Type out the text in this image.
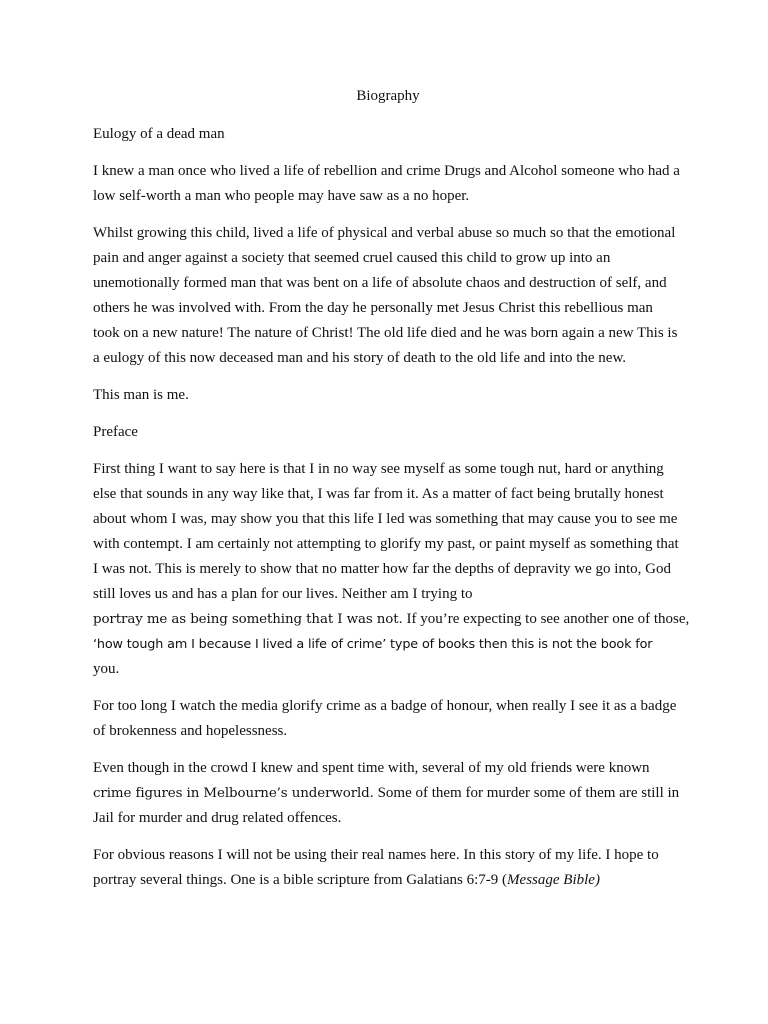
Biography
Eulogy of a dead man
I knew a man once who lived a life of rebellion and crime Drugs and Alcohol someone who had a low self-worth a man who people may have saw as a no hoper.
Whilst growing this child, lived a life of physical and verbal abuse so much so that the emotional pain and anger against a society that seemed cruel caused this child to grow up into an unemotionally formed man that was bent on a life of absolute chaos and destruction of self, and others he was involved with. From the day he personally met Jesus Christ this rebellious man took on a new nature! The nature of Christ! The old life died and he was born again a new This is a eulogy of this now deceased man and his story of death to the old life and into the new.
This man is me.
Preface
First thing I want to say here is that I in no way see myself as some tough nut, hard or anything else that sounds in any way like that, I was far from it. As a matter of fact being brutally honest about whom I was, may show you that this life I led was something that may cause you to see me with contempt. I am certainly not attempting to glorify my past, or paint myself as something that I was not. This is merely to show that no matter how far the depths of depravity we go into, God still loves us and has a plan for our lives. Neither am I trying to
portray me as being something that I was not. If you’re expecting to see another one of those,
‘how tough am I because I lived a life of crime’ type of books then this is not the book for
you.
For too long I watch the media glorify crime as a badge of honour, when really I see it as a badge of brokenness and hopelessness.
Even though in the crowd I knew and spent time with, several of my old friends were known
crime figures in Melbourne’s underworld. Some of them for murder some of them are still in
Jail for murder and drug related offences.
For obvious reasons I will not be using their real names here. In this story of my life. I hope to portray several things. One is a bible scripture from Galatians 6:7-9 (Message Bible)
